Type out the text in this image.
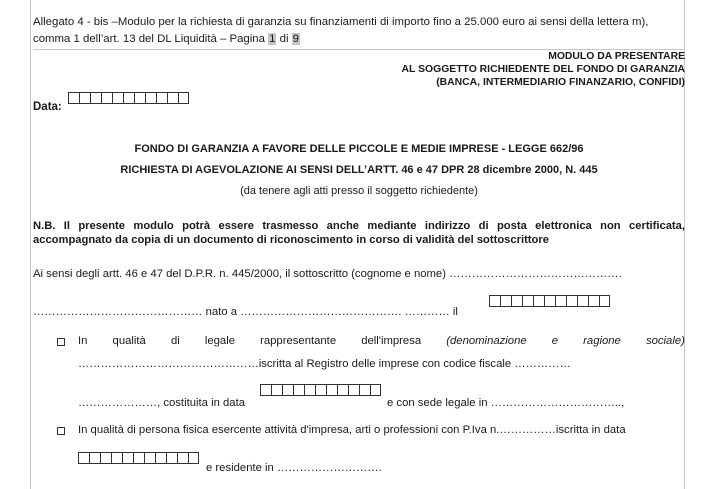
Allegato 4 - bis –Modulo per la richiesta di garanzia su finanziamenti di importo fino a 25.000 euro ai sensi della lettera m),
comma 1 dell’art. 13 del DL Liquidità – Pagina 1 di 9
MODULO DA PRESENTARE
AL SOGGETTO RICHIEDENTE DEL FONDO DI GARANZIA
(BANCA, INTERMEDIARIO FINANZARIO, CONFIDI)
Data:
FONDO DI GARANZIA A FAVORE DELLE PICCOLE E MEDIE IMPRESE - LEGGE 662/96
RICHIESTA DI AGEVOLAZIONE AI SENSI DELL’ARTT. 46 e 47 DPR 28 dicembre 2000, N. 445
(da tenere agli atti presso il soggetto richiedente)
N.B. Il presente modulo potrà essere trasmesso anche mediante indirizzo di posta elettronica non certificata, accompagnato da copia di un documento di riconoscimento in corso di validità del sottoscrittore
Ai sensi degli artt. 46 e 47 del D.P.R. n. 445/2000, il sottoscritto (cognome e nome) ……………………………………….
……………………………………… nato a ……………………………………. ………… il
In qualità di legale rappresentante dell'impresa (denominazione e ragione sociale)
…………………………………………iscritta al Registro delle imprese con codice fiscale ……………
…………………, costituita in data	e con sede legale in ……………………………..,
In qualità di persona fisica esercente attività d'impresa, arti o professioni con P.Iva n.……………iscritta in data
e residente in ……………………….
